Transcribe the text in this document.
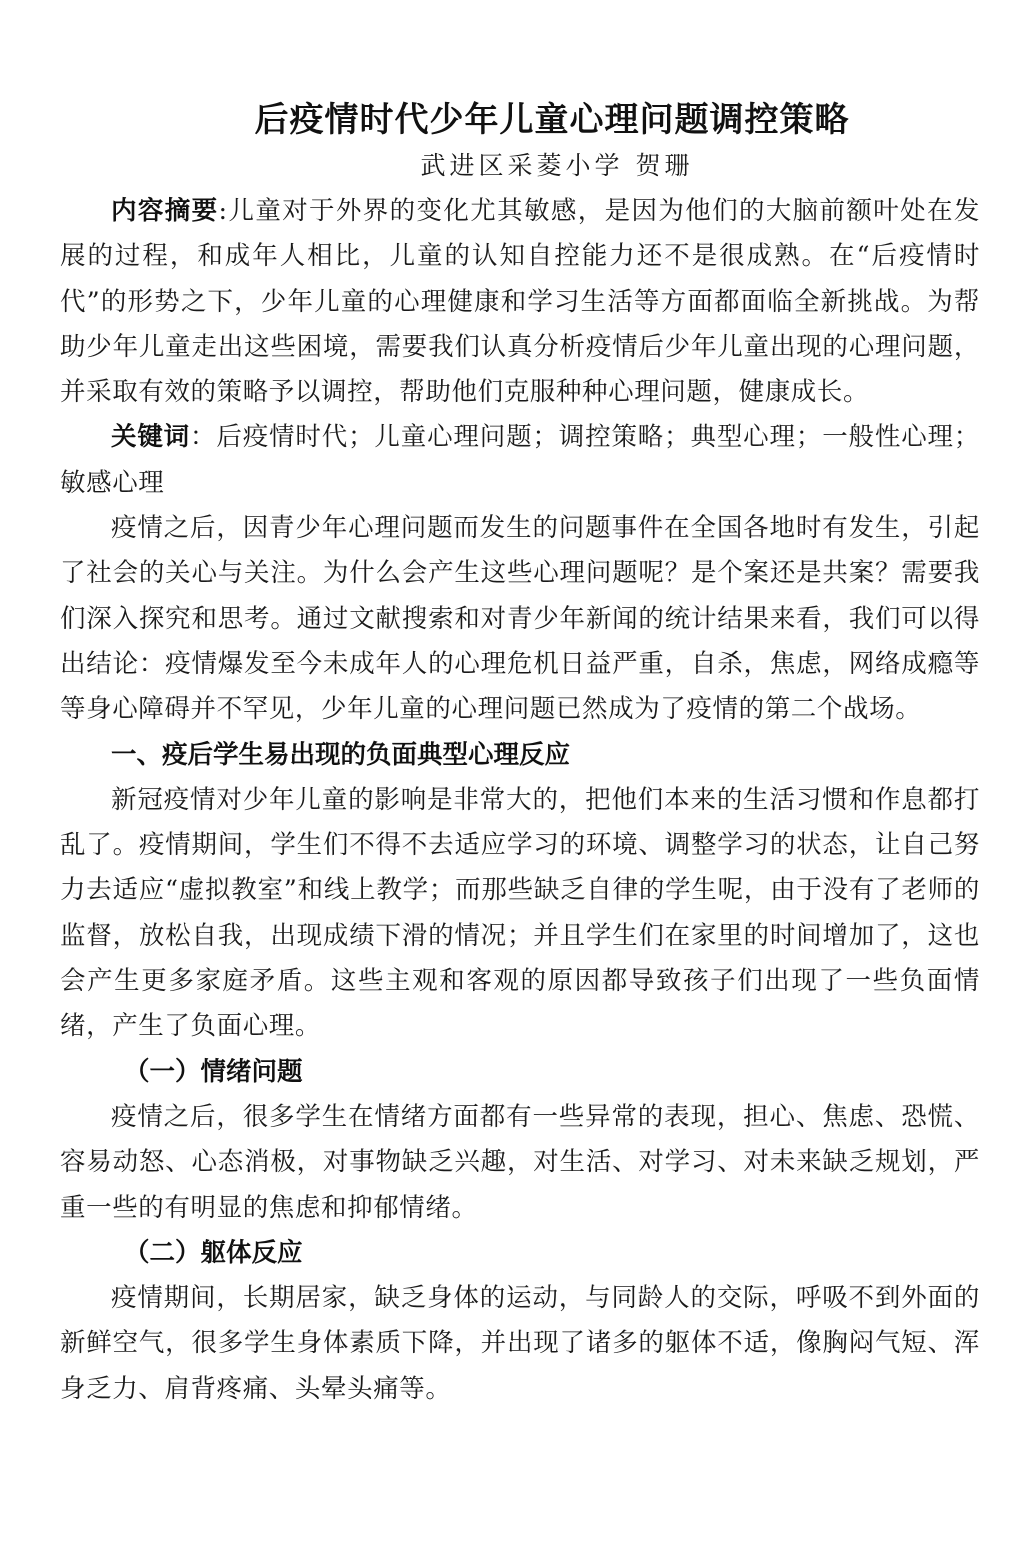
后疫情时代少年儿童心理问题调控策略
武进区采菱小学 贺珊

内容摘要:儿童对于外界的变化尤其敏感，是因为他们的大脑前额叶处在发展的过程，和成年人相比，儿童的认知自控能力还不是很成熟。在“后疫情时代”的形势之下，少年儿童的心理健康和学习生活等方面都面临全新挑战。为帮助少年儿童走出这些困境，需要我们认真分析疫情后少年儿童出现的心理问题，并采取有效的策略予以调控，帮助他们克服种种心理问题，健康成长。

关键词：后疫情时代；儿童心理问题；调控策略；典型心理；一般性心理；敏感心理

疫情之后，因青少年心理问题而发生的问题事件在全国各地时有发生，引起了社会的关心与关注。为什么会产生这些心理问题呢？是个案还是共案？需要我们深入探究和思考。通过文献搜索和对青少年新闻的统计结果来看，我们可以得出结论：疫情爆发至今未成年人的心理危机日益严重，自杀，焦虑，网络成瘾等等身心障碍并不罕见，少年儿童的心理问题已然成为了疫情的第二个战场。

一、疫后学生易出现的负面典型心理反应

新冠疫情对少年儿童的影响是非常大的，把他们本来的生活习惯和作息都打乱了。疫情期间，学生们不得不去适应学习的环境、调整学习的状态，让自己努力去适应“虚拟教室”和线上教学；而那些缺乏自律的学生呢，由于没有了老师的监督，放松自我，出现成绩下滑的情况；并且学生们在家里的时间增加了，这也会产生更多家庭矛盾。这些主观和客观的原因都导致孩子们出现了一些负面情绪，产生了负面心理。

（一）情绪问题

疫情之后，很多学生在情绪方面都有一些异常的表现，担心、焦虑、恐慌、容易动怒、心态消极，对事物缺乏兴趣，对生活、对学习、对未来缺乏规划，严重一些的有明显的焦虑和抑郁情绪。

（二）躯体反应

疫情期间，长期居家，缺乏身体的运动，与同龄人的交际，呼吸不到外面的新鲜空气，很多学生身体素质下降，并出现了诸多的躯体不适，像胸闷气短、浑身乏力、肩背疼痛、头晕头痛等。
